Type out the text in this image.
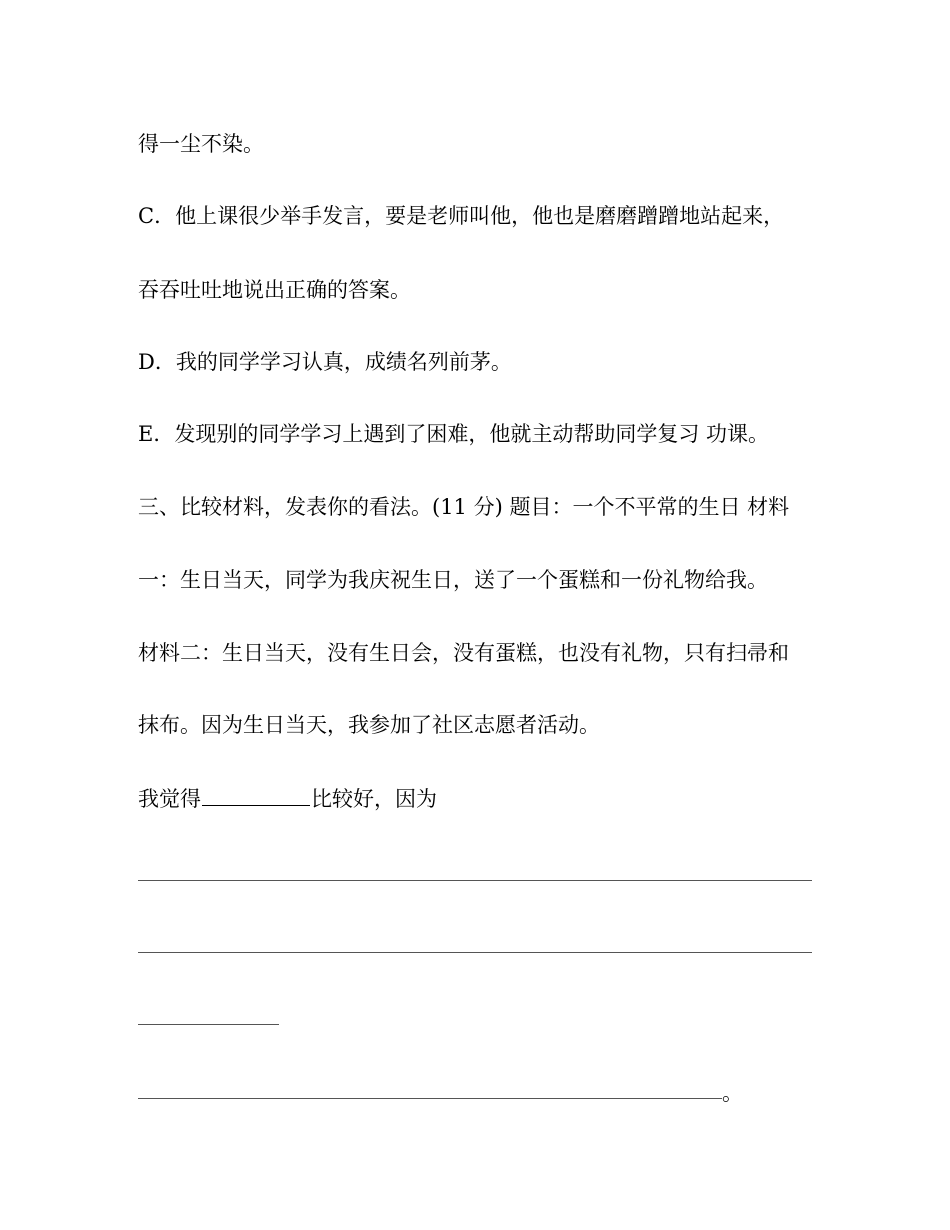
得一尘不染。
C．他上课很少举手发言，要是老师叫他，他也是磨磨蹭蹭地站起来，
吞吞吐吐地说出正确的答案。
D．我的同学学习认真，成绩名列前茅。
E．发现别的同学学习上遇到了困难，他就主动帮助同学复习 功课。
三、比较材料，发表你的看法。(11 分) 题目：一个不平常的生日 材料
一：生日当天，同学为我庆祝生日，送了一个蛋糕和一份礼物给我。
材料二：生日当天，没有生日会，没有蛋糕，也没有礼物，只有扫帚和
抹布。因为生日当天，我参加了社区志愿者活动。
我觉得	比较好，因为
。
